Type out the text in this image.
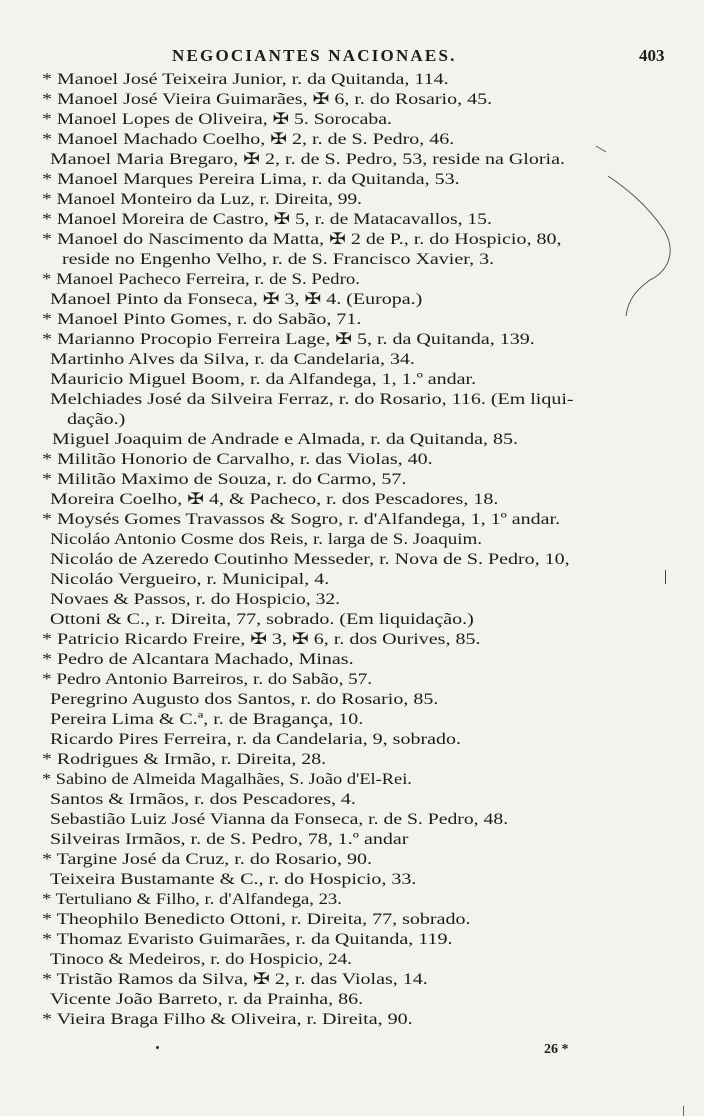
NEGOCIANTES NACIONAES.	403
* Manoel José Teixeira Junior, r. da Quitanda, 114.
* Manoel José Vieira Guimarães, ✠ 6, r. do Rosario, 45.
* Manoel Lopes de Oliveira, ✠ 5. Sorocaba.
* Manoel Machado Coelho, ✠ 2, r. de S. Pedro, 46.
Manoel Maria Bregaro, ✠ 2, r. de S. Pedro, 53, reside na Gloria.
* Manoel Marques Pereira Lima, r. da Quitanda, 53.
* Manoel Monteiro da Luz, r. Direita, 99.
* Manoel Moreira de Castro, ✠ 5, r. de Matacavallos, 15.
* Manoel do Nascimento da Matta, ✠ 2 de P., r. do Hospicio, 80,
reside no Engenho Velho, r. de S. Francisco Xavier, 3.
* Manoel Pacheco Ferreira, r. de S. Pedro.
Manoel Pinto da Fonseca, ✠ 3, ✠ 4. (Europa.)
* Manoel Pinto Gomes, r. do Sabão, 71.
* Marianno Procopio Ferreira Lage, ✠ 5, r. da Quitanda, 139.
Martinho Alves da Silva, r. da Candelaria, 34.
Mauricio Miguel Boom, r. da Alfandega, 1, 1.º andar.
Melchiades José da Silveira Ferraz, r. do Rosario, 116. (Em liqui-
dação.)
Miguel Joaquim de Andrade e Almada, r. da Quitanda, 85.
* Militão Honorio de Carvalho, r. das Violas, 40.
* Militão Maximo de Souza, r. do Carmo, 57.
Moreira Coelho, ✠ 4, & Pacheco, r. dos Pescadores, 18.
* Moysés Gomes Travassos & Sogro, r. d'Alfandega, 1, 1º andar.
Nicoláo Antonio Cosme dos Reis, r. larga de S. Joaquim.
Nicoláo de Azeredo Coutinho Messeder, r. Nova de S. Pedro, 10,
Nicoláo Vergueiro, r. Municipal, 4.
Novaes & Passos, r. do Hospicio, 32.
Ottoni & C., r. Direita, 77, sobrado. (Em liquidação.)
* Patricio Ricardo Freire, ✠ 3, ✠ 6, r. dos Ourives, 85.
* Pedro de Alcantara Machado, Minas.
* Pedro Antonio Barreiros, r. do Sabão, 57.
Peregrino Augusto dos Santos, r. do Rosario, 85.
Pereira Lima & C.ª, r. de Bragança, 10.
Ricardo Pires Ferreira, r. da Candelaria, 9, sobrado.
* Rodrigues & Irmão, r. Direita, 28.
* Sabino de Almeida Magalhães, S. João d'El-Rei.
Santos & Irmãos, r. dos Pescadores, 4.
Sebastião Luiz José Vianna da Fonseca, r. de S. Pedro, 48.
Silveiras Irmãos, r. de S. Pedro, 78, 1.º andar
* Targine José da Cruz, r. do Rosario, 90.
Teixeira Bustamante & C., r. do Hospicio, 33.
* Tertuliano & Filho, r. d'Alfandega, 23.
* Theophilo Benedicto Ottoni, r. Direita, 77, sobrado.
* Thomaz Evaristo Guimarães, r. da Quitanda, 119.
Tinoco & Medeiros, r. do Hospicio, 24.
* Tristão Ramos da Silva, ✠ 2, r. das Violas, 14.
Vicente João Barreto, r. da Prainha, 86.
* Vieira Braga Filho & Oliveira, r. Direita, 90.
26 *
